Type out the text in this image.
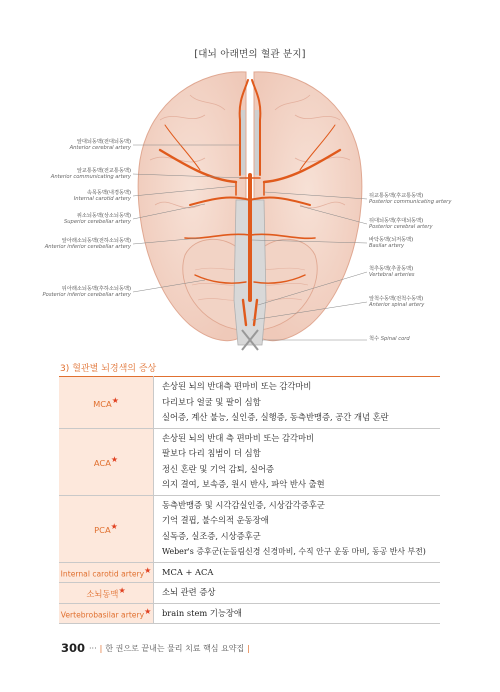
[대뇌 아래면의 혈관 분지]
앞대뇌동맥(전대뇌동맥)
Anterior cerebral artery
앞교통동맥(전교통동맥)
Anterior communicating artery
속목동맥(내경동맥)
Internal carotid artery
위소뇌동맥(상소뇌동맥)
Superior cerebellar artery
앞아래소뇌동맥(전하소뇌동맥)
Anterior inferior cerebellar artery
뒤아래소뇌동맥(후하소뇌동맥)
Posterior inferior cerebellar artery
뒤교통동맥(후교통동맥)
Posterior communicating artery
뒤대뇌동맥(후대뇌동맥)
Posterior cerebral artery
바닥동맥(뇌저동맥)
Basilar artery
척추동맥(추골동맥)
Vertebral arteries
앞척수동맥(전척수동맥)
Anterior spinal artery
척수 Spinal cord
3) 혈관별 뇌경색의 증상
MCA★	손상된 뇌의 반대측 편마비 또는 감각마비
다리보다 얼굴 및 팔이 심함
실어증, 계산 불능, 실인증, 실행증, 동측반맹증, 공간 개념 혼란

ACA★	손상된 뇌의 반대 측 편마비 또는 감각마비
팔보다 다리 침범이 더 심함
정신 혼란 및 기억 감퇴, 실어증
의지 결여, 보속증, 원시 반사, 파악 반사 출현

PCA★	동측반맹증 및 시각감실인증, 시상감각증후군
기억 결핍, 불수의적 운동장애
실독증, 실조증, 시상증후군
Weber's 증후군(눈돌림신경 신경마비, 수직 안구 운동 마비, 동공 반사 부전)

Internal carotid artery★	MCA + ACA

소뇌동맥★	소뇌 관련 증상

Vertebrobasilar artery★	brain stem 기능장애
300 ··· | 한 권으로 끝내는 물리 치료 핵심 요약집 |
